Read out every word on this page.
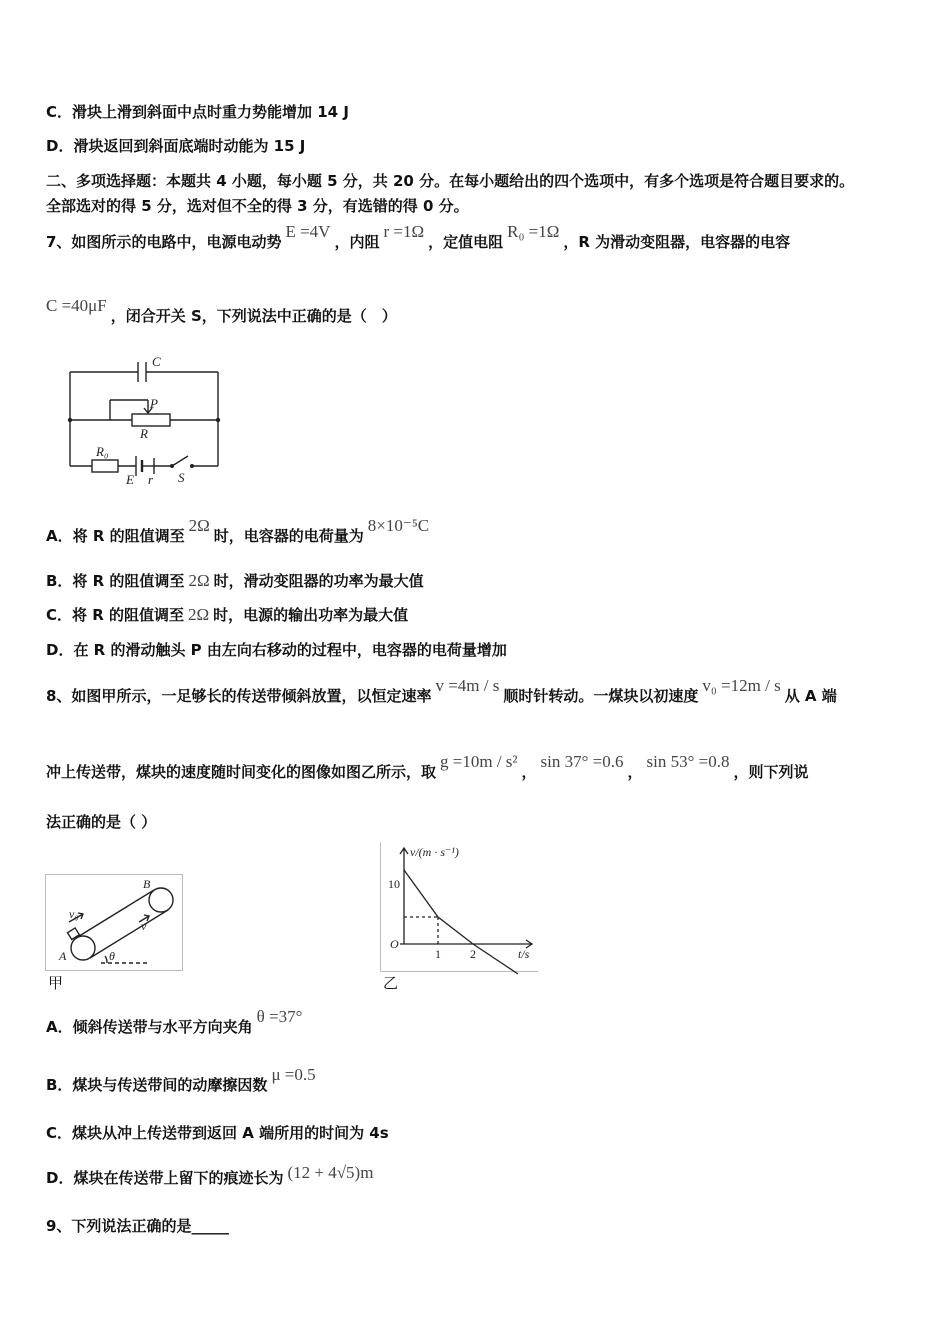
C．滑块上滑到斜面中点时重力势能增加 14 J
D．滑块返回到斜面底端时动能为 15 J
二、多项选择题：本题共 4 小题，每小题 5 分，共 20 分。在每小题给出的四个选项中，有多个选项是符合题目要求的。
全部选对的得 5 分，选对但不全的得 3 分，有选错的得 0 分。
7、如图所示的电路中，电源电动势E =4V，内阻r =1Ω，定值电阻R₀ =1Ω，R 为滑动变阻器，电容器的电容
C =40μF，闭合开关 S，下列说法中正确的是（　）
C
P
R
R₀
E r S
A．将 R 的阻值调至2Ω时，电容器的电荷量为8×10⁻⁵C
B．将 R 的阻值调至 2Ω 时，滑动变阻器的功率为最大值
C．将 R 的阻值调至 2Ω 时，电源的输出功率为最大值
D．在 R 的滑动触头 P 由左向右移动的过程中，电容器的电荷量增加
8、如图甲所示，一足够长的传送带倾斜放置，以恒定速率v =4m / s顺时针转动。一煤块以初速度v₀ =12m / s从 A 端
冲上传送带，煤块的速度随时间变化的图像如图乙所示，取g =10m / s²，sin 37° =0.6，sin 53° =0.8，则下列说
法正确的是（ ）
A
B
v₀
v
θ
甲
v/(m · s⁻¹)
t/s
O
10
1 2
乙
A．倾斜传送带与水平方向夹角θ =37°
B．煤块与传送带间的动摩擦因数μ =0.5
C．煤块从冲上传送带到返回 A 端所用的时间为 4s
D．煤块在传送带上留下的痕迹长为 (12 + 4√5)m
9、下列说法正确的是_____
